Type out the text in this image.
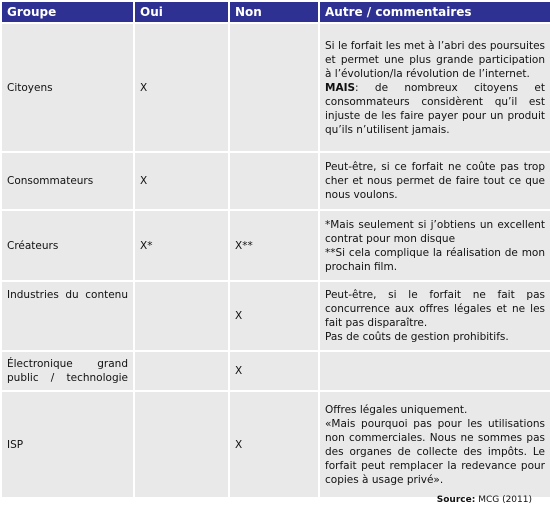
Groupe	Oui	Non	Autre / commentaires
Citoyens	X		Si le forfait les met à l’abri des poursuites et permet une plus grande participation à l’évolution/la révolution de l’internet.

MAIS: de nombreux citoyens et consommateurs considèrent qu’il est injuste de les faire payer pour un produit qu’ils n’utilisent jamais.

Consommateurs	X		Peut-être, si ce forfait ne coûte pas trop cher et nous permet de faire tout ce que nous voulons.

Créateurs	X*	X**	*Mais seulement si j’obtiens un excellent contrat pour mon disque

**Si cela complique la réalisation de mon prochain film.

Industries du contenu		X	Peut-être, si le forfait ne fait pas concurrence aux offres légales et ne les fait pas disparaître.

Pas de coûts de gestion prohibitifs.

Électronique grand public / technologie		X	
ISP		X	Offres légales uniquement.

«Mais pourquoi pas pour les utilisations non commerciales. Nous ne sommes pas des organes de collecte des impôts. Le forfait peut remplacer la redevance pour copies à usage privé».

Source: MCG (2011)
